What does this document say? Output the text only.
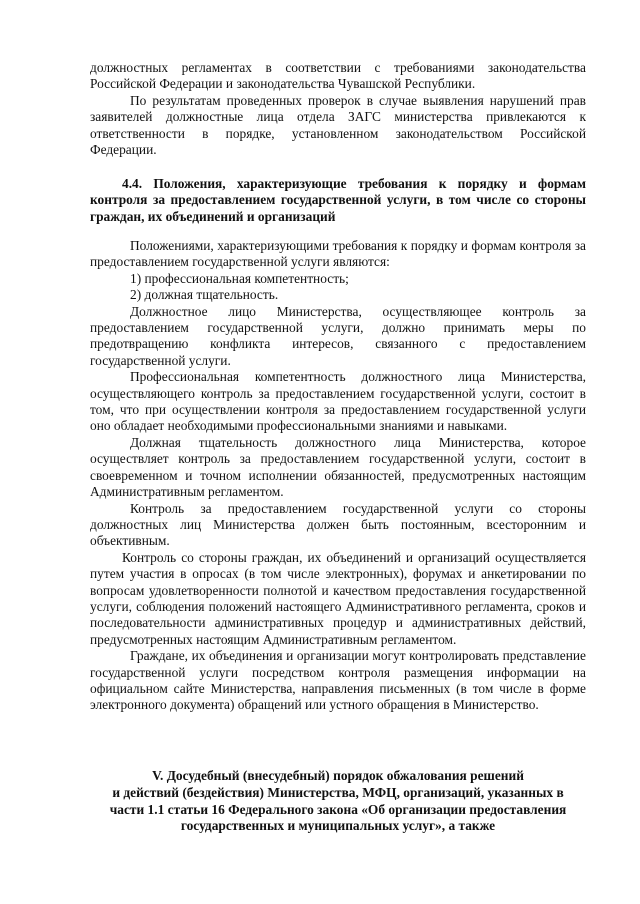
должностных регламентах в соответствии с требованиями законодательства Российской Федерации и законодательства Чувашской Республики.

По результатам проведенных проверок в случае выявления нарушений прав заявителей должностные лица отдела ЗАГС министерства привлекаются к ответственности в порядке, установленном законодательством Российской Федерации.

4.4. Положения, характеризующие требования к порядку и формам контроля за предоставлением государственной услуги, в том числе со стороны граждан, их объединений и организаций

Положениями, характеризующими требования к порядку и формам контроля за предоставлением государственной услуги являются:

1) профессиональная компетентность;

2) должная тщательность.

Должностное лицо Министерства, осуществляющее контроль за предоставлением государственной услуги, должно принимать меры по предотвращению конфликта интересов, связанного с предоставлением государственной услуги.

Профессиональная компетентность должностного лица Министерства, осуществляющего контроль за предоставлением государственной услуги, состоит в том, что при осуществлении контроля за предоставлением государственной услуги оно обладает необходимыми профессиональными знаниями и навыками.

Должная тщательность должностного лица Министерства, которое осуществляет контроль за предоставлением государственной услуги, состоит в своевременном и точном исполнении обязанностей, предусмотренных настоящим Административным регламентом.

Контроль за предоставлением государственной услуги со стороны должностных лиц Министерства должен быть постоянным, всесторонним и объективным.

Контроль со стороны граждан, их объединений и организаций осуществляется путем участия в опросах (в том числе электронных), форумах и анкетировании по вопросам удовлетворенности полнотой и качеством предоставления государственной услуги, соблюдения положений настоящего Административного регламента, сроков и последовательности административных процедур и административных действий, предусмотренных настоящим Административным регламентом.

Граждане, их объединения и организации могут контролировать представление государственной услуги посредством контроля размещения информации на официальном сайте Министерства, направления письменных (в том числе в форме электронного документа) обращений или устного обращения в Министерство.

V. Досудебный (внесудебный) порядок обжалования решений
и действий (бездействия) Министерства, МФЦ, организаций, указанных в
части 1.1 статьи 16 Федерального закона «Об организации предоставления
государственных и муниципальных услуг», а также
